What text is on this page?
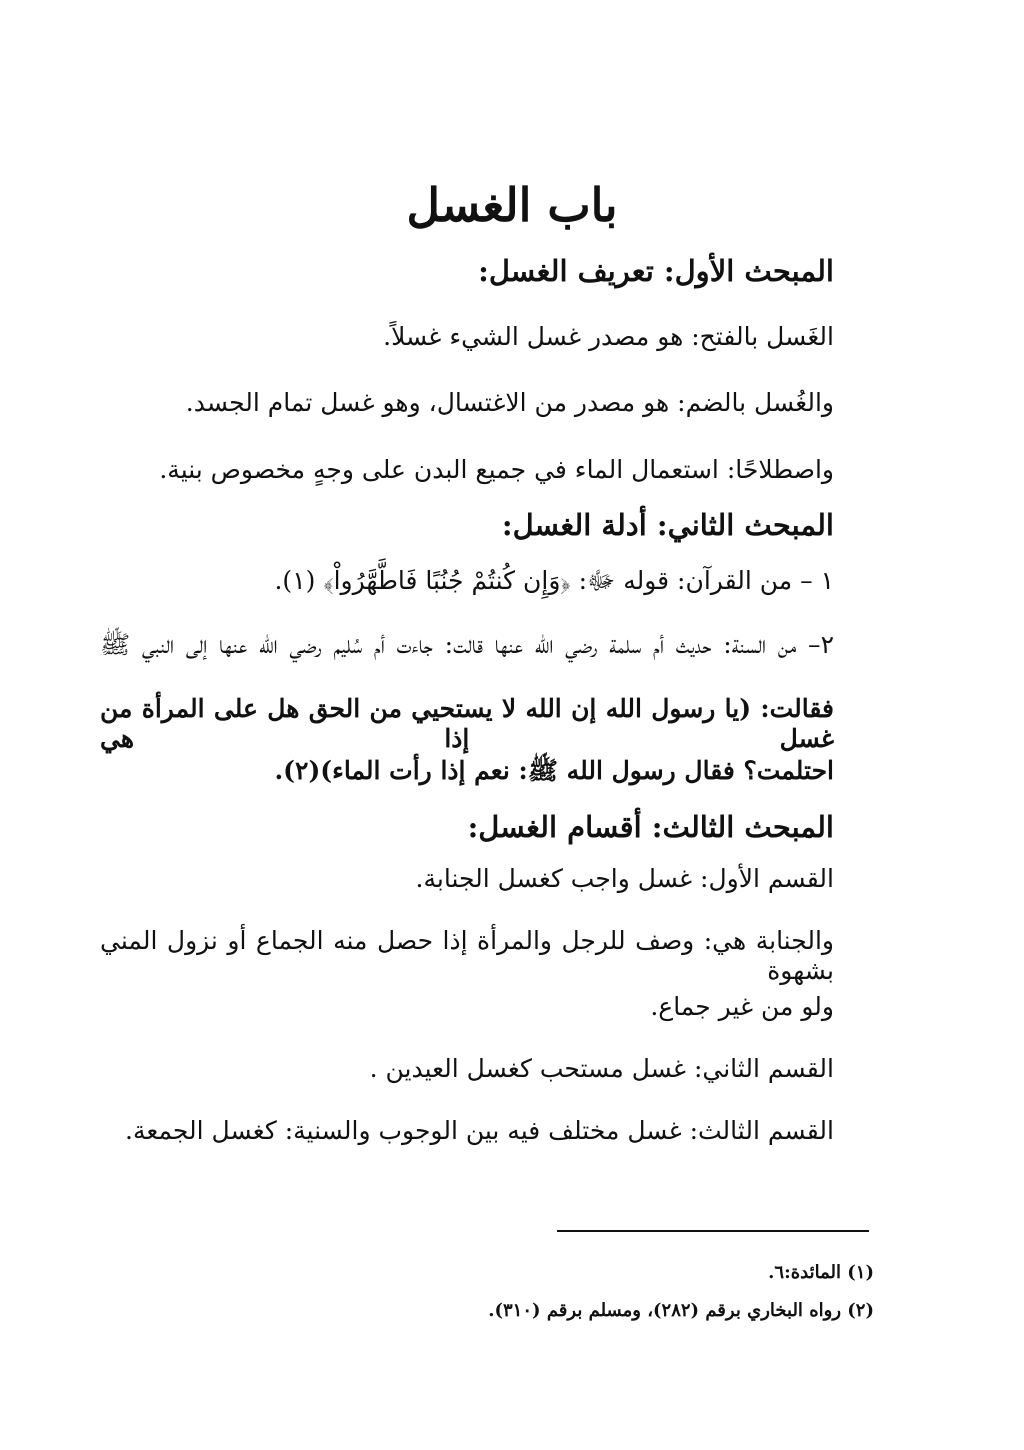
باب الغسل
المبحث الأول: تعريف الغسل:
الغَسل بالفتح: هو مصدر غسل الشيء غسلاً.
والغُسل بالضم: هو مصدر من الاغتسال، وهو غسل تمام الجسد.
واصطلاحًا: استعمال الماء في جميع البدن على وجهٍ مخصوص بنية.
المبحث الثاني: أدلة الغسل:
١ – من القرآن: قوله ﷻ: ﴿وَإِن كُنتُمْ جُنُبًا فَاطَّهَّرُواْ﴾ (١).
٢– من السنة: حديث أم سلمة رضي الله عنها قالت: جاءت أم سُليم رضي الله عنها إلى النبي ﷺ
فقالت: (يا رسول الله إن الله لا يستحيي من الحق هل على المرأة من غسل إذا هي
احتلمت؟ فقال رسول الله ﷺ: نعم إذا رأت الماء)(٢).
المبحث الثالث: أقسام الغسل:
القسم الأول: غسل واجب كغسل الجنابة.
والجنابة هي: وصف للرجل والمرأة إذا حصل منه الجماع أو نزول المني بشهوة
ولو من غير جماع.
القسم الثاني: غسل مستحب كغسل العيدين .
القسم الثالث: غسل مختلف فيه بين الوجوب والسنية: كغسل الجمعة.
(١) المائدة:٦.
(٢) رواه البخاري برقم (٢٨٢)، ومسلم برقم (٣١٠).
